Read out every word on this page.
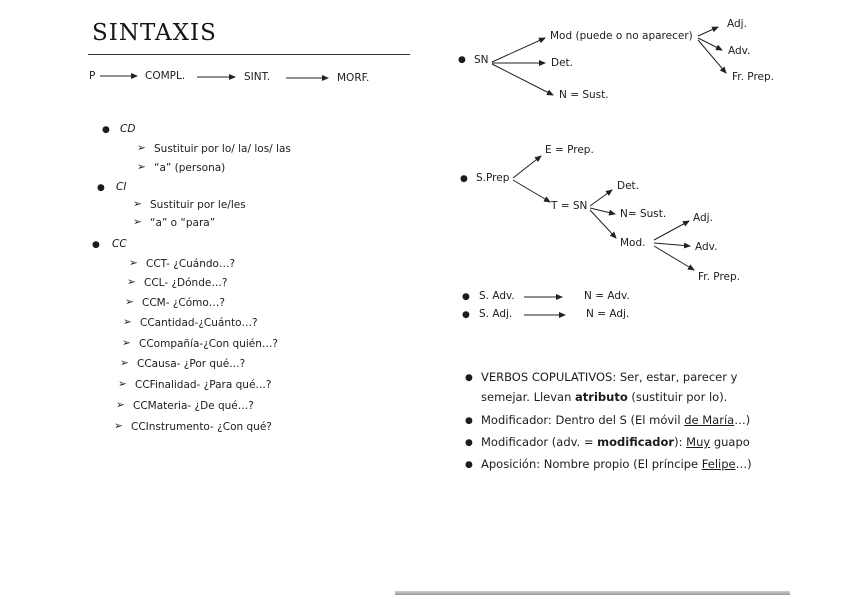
SINTAXIS
P	COMPL.	SINT.	MORF.
● CD
➢ Sustituir por lo/ la/ los/ las
➢ “a” (persona)
● CI
➢ Sustituir por le/les
➢ “a” o “para”
● CC
➢ CCT- ¿Cuándo…?
➢ CCL- ¿Dónde…?
➢ CCM- ¿Cómo…?
➢ CCantidad-¿Cuánto…?
➢ CCompañía-¿Con quién…?
➢ CCausa- ¿Por qué…?
➢ CCFinalidad- ¿Para qué…?
➢ CCMateria- ¿De qué…?
➢ CCInstrumento- ¿Con qué?
● SN
Mod (puede o no aparecer)
Adj.
Adv.
Fr. Prep.
Det.
N = Sust.
● S.Prep
E = Prep.
T = SN
Det.
N= Sust.
Mod.
Adj.
Adv.
Fr. Prep.
● S. Adv.	N = Adv.
● S. Adj.	N = Adj.
● VERBOS COPULATIVOS: Ser, estar, parecer y
semejar. Llevan atributo (sustituir por lo).
● Modificador: Dentro del S (El móvil de María…)
● Modificador (adv. = modificador): Muy guapo
● Aposición: Nombre propio (El príncipe Felipe…)
